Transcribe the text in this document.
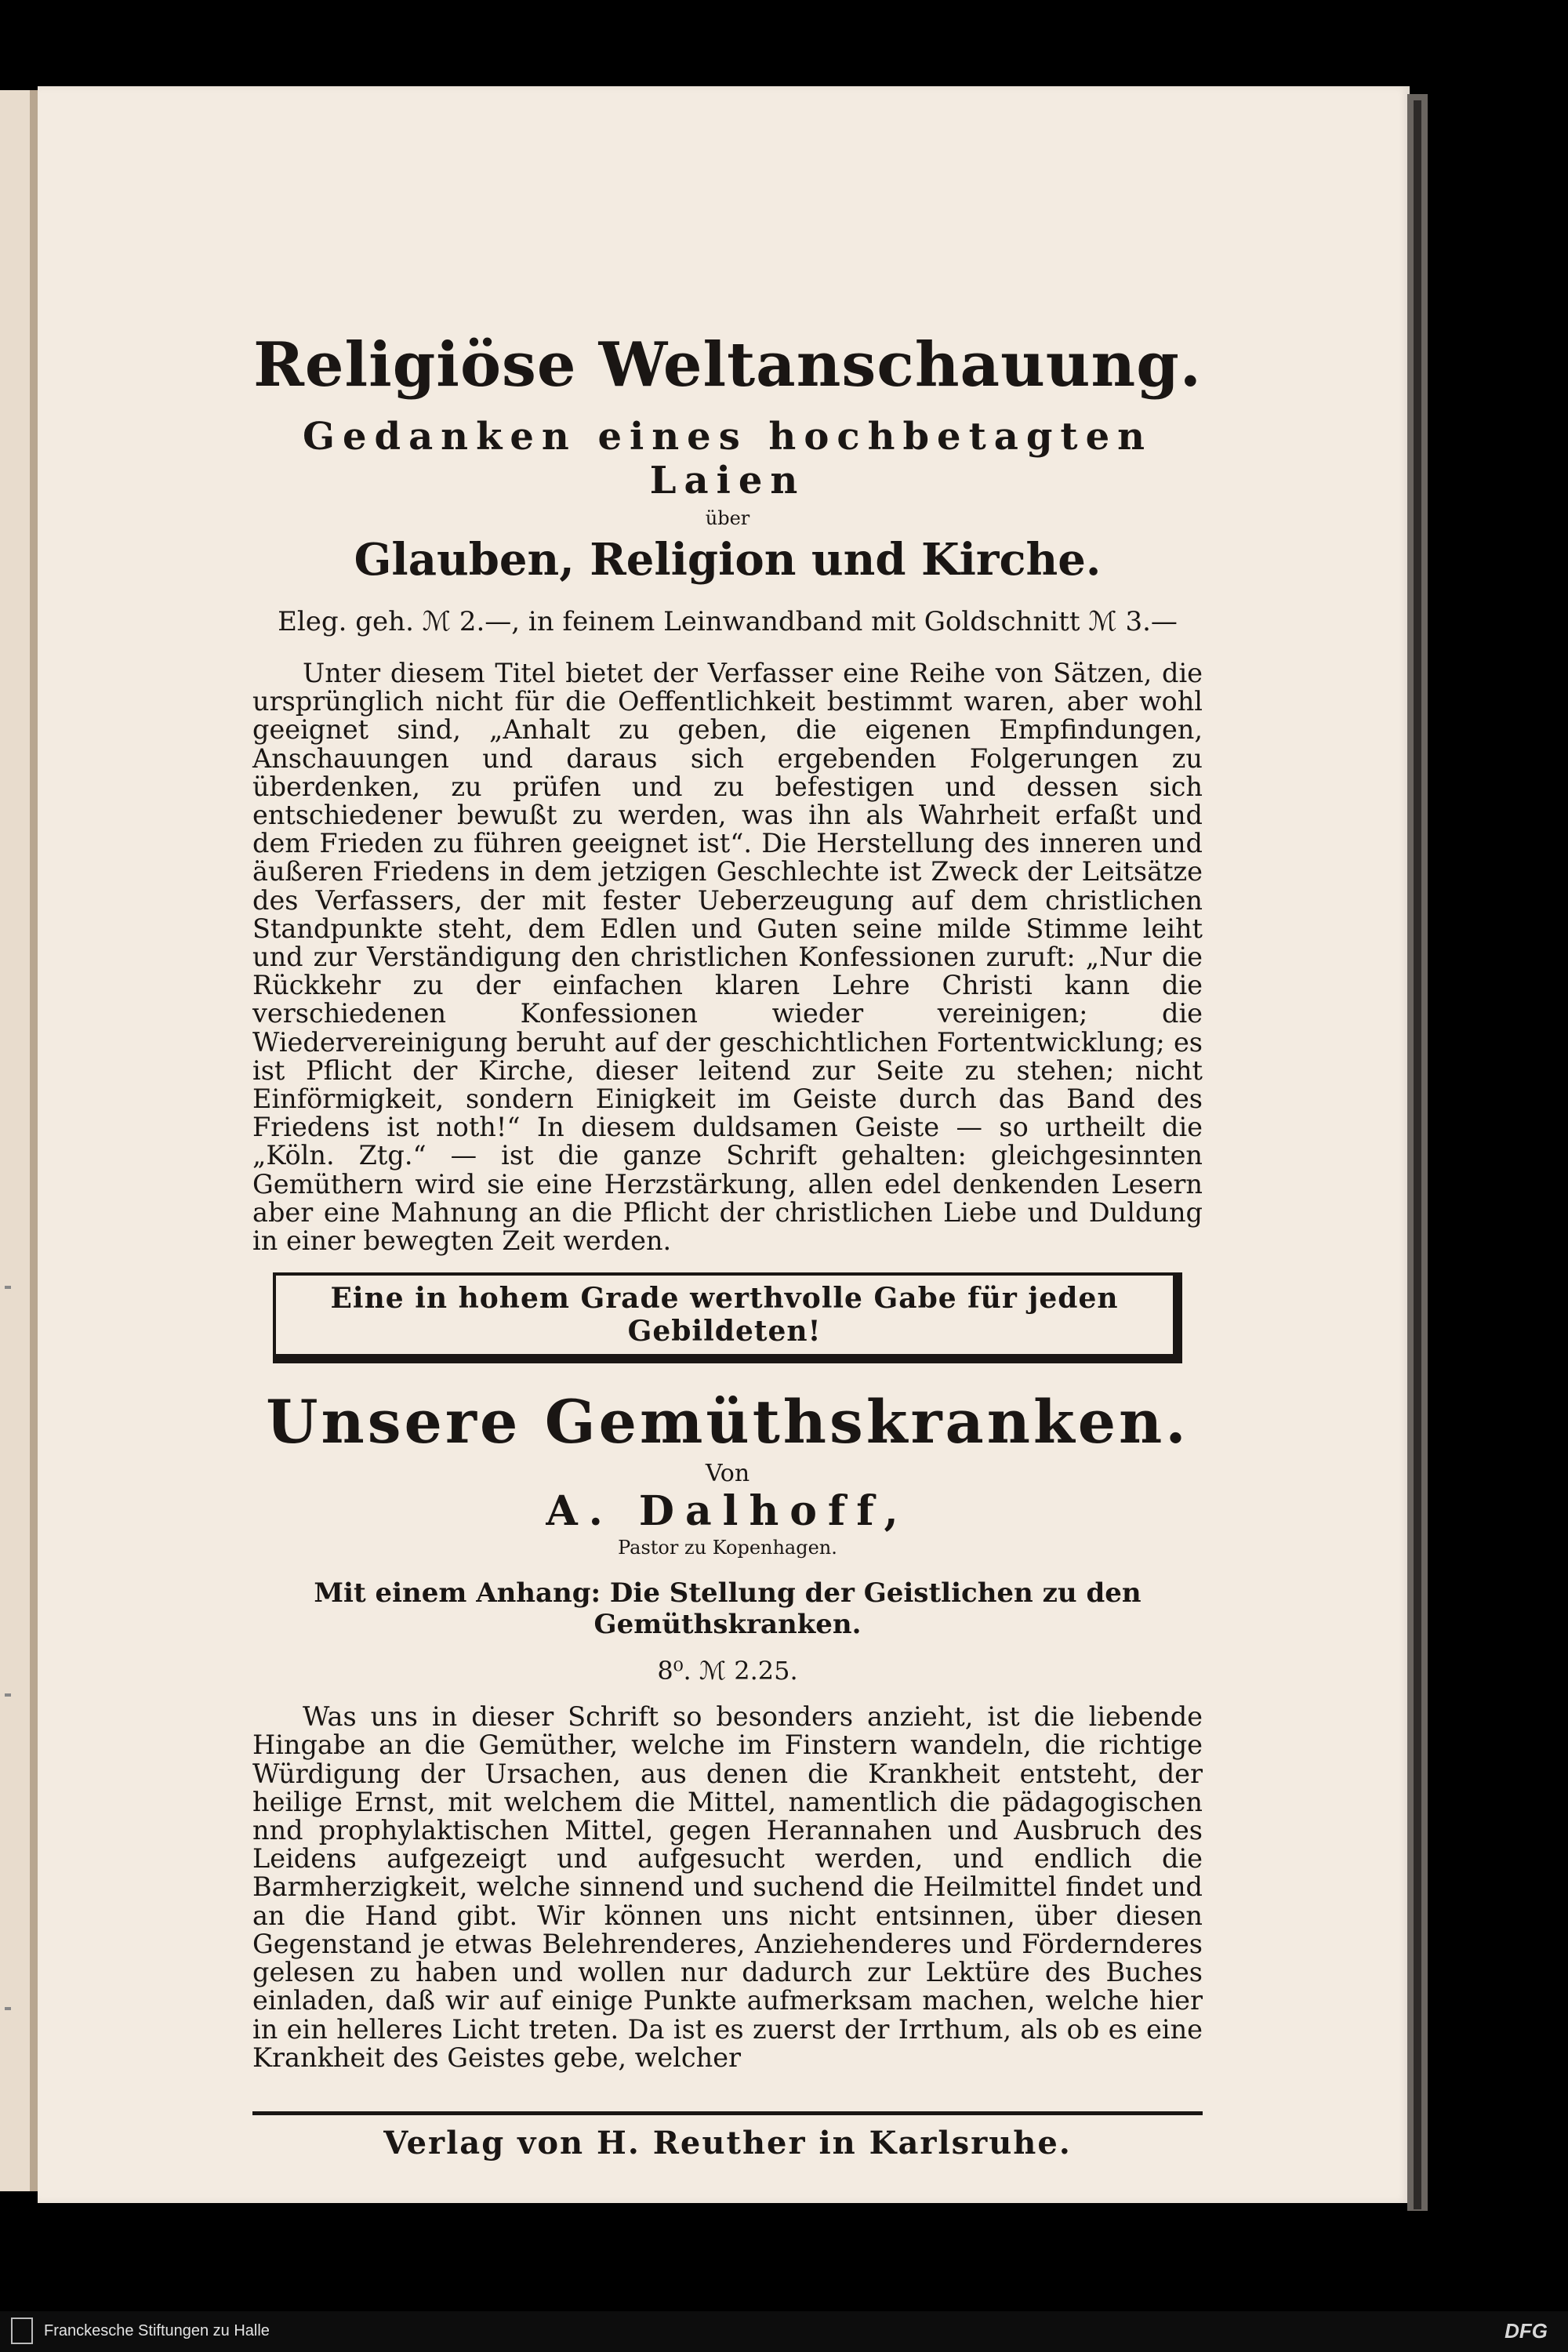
Religiöse Weltanschauung.
Gedanken eines hochbetagten Laien
über
Glauben, Religion und Kirche.
Eleg. geh. ℳ 2.—, in feinem Leinwandband mit Goldschnitt ℳ 3.—
Unter diesem Titel bietet der Verfasser eine Reihe von Sätzen, die ursprünglich nicht für die Oeffentlichkeit bestimmt waren, aber wohl geeignet sind, „Anhalt zu geben, die eigenen Empfindungen, Anschauungen und daraus sich ergebenden Folgerungen zu überdenken, zu prüfen und zu befestigen und dessen sich entschiedener bewußt zu werden, was ihn als Wahrheit erfaßt und dem Frieden zu führen geeignet ist“. Die Herstellung des inneren und äußeren Friedens in dem jetzigen Geschlechte ist Zweck der Leitsätze des Verfassers, der mit fester Ueberzeugung auf dem christlichen Standpunkte steht, dem Edlen und Guten seine milde Stimme leiht und zur Verständigung den christlichen Konfessionen zuruft: „Nur die Rückkehr zu der einfachen klaren Lehre Christi kann die verschiedenen Konfessionen wieder vereinigen; die Wiedervereinigung beruht auf der geschichtlichen Fortentwicklung; es ist Pflicht der Kirche, dieser leitend zur Seite zu stehen; nicht Einförmigkeit, sondern Einigkeit im Geiste durch das Band des Friedens ist noth!“ In diesem duldsamen Geiste — so urtheilt die „Köln. Ztg.“ — ist die ganze Schrift gehalten: gleichgesinnten Gemüthern wird sie eine Herzstärkung, allen edel denkenden Lesern aber eine Mahnung an die Pflicht der christlichen Liebe und Duldung in einer bewegten Zeit werden.
Eine in hohem Grade werthvolle Gabe für jeden Gebildeten!
Unsere Gemüthskranken.
Von
A. Dalhoff,
Pastor zu Kopenhagen.
Mit einem Anhang: Die Stellung der Geistlichen zu den Gemüthskranken.
8⁰. ℳ 2.25.
Was uns in dieser Schrift so besonders anzieht, ist die liebende Hingabe an die Gemüther, welche im Finstern wandeln, die richtige Würdigung der Ursachen, aus denen die Krankheit entsteht, der heilige Ernst, mit welchem die Mittel, namentlich die pädagogischen nnd prophylaktischen Mittel, gegen Herannahen und Ausbruch des Leidens aufgezeigt und aufgesucht werden, und endlich die Barmherzigkeit, welche sinnend und suchend die Heilmittel findet und an die Hand gibt. Wir können uns nicht entsinnen, über diesen Gegenstand je etwas Belehrenderes, Anziehenderes und Fördernderes gelesen zu haben und wollen nur dadurch zur Lektüre des Buches einladen, daß wir auf einige Punkte aufmerksam machen, welche hier in ein helleres Licht treten. Da ist es zuerst der Irrthum, als ob es eine Krankheit des Geistes gebe, welcher
Verlag von H. Reuther in Karlsruhe.
Franckesche Stiftungen zu Halle	DFG
